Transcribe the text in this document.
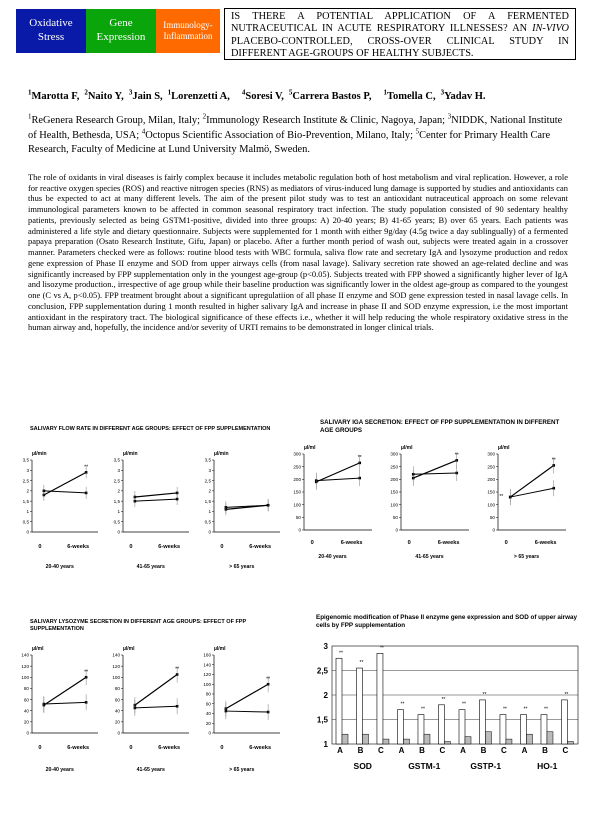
Oxidative
Stress
Gene
Expression
Immunology-
Inflammation
IS THERE A POTENTIAL APPLICATION OF A FERMENTED NUTRACEUTICAL IN ACUTE RESPIRATORY ILLNESSES? AN IN-VIVO PLACEBO-CONTROLLED, CROSS-OVER CLINICAL STUDY IN DIFFERENT AGE-GROUPS OF HEALTHY SUBJECTS.
$^1$Marotta F, $^2$Naito Y, $^3$Jain S, $^1$Lorenzetti A, $^4$Soresi V, $^5$Carrera Bastos P, $^1$Tomella C, $^3$Yadav H.
$^1$ReGenera Research Group, Milan, Italy; $^2$Immunology Research Institute & Clinic, Nagoya, Japan; $^3$NIDDK, National Institute of Health, Bethesda, USA; $^4$Octopus Scientific Association of Bio-Prevention, Milano, Italy; $^5$Center for Primary Health Care Research, Faculty of Medicine at Lund University Malmö, Sweden.
The role of oxidants in viral diseases is fairly complex because it includes metabolic regulation both of host metabolism and viral replication. However, a role for reactive oxygen species (ROS) and reactive nitrogen species (RNS) as mediators of virus-induced lung damage is supported by studies and antioxidants can thus be expected to act at many different levels. The aim of the present pilot study was to test an antioxidant nutraceutical approach on some relevant immunological parameters known to be affected in common seasonal respiratory tract infection. The study population consisted of 90 sedentary healthy patients, previously selected as being GSTM1-positive, divided into three groups: A) 20-40 years; B) 41-65 years; B) over 65 years. Each patients was administered a life style and dietary questionnaire. Subjects were supplemented for 1 month with either 9g/day (4.5g twice a day sublingually) of a fermented papaya preparation (Osato Research Institute, Gifu, Japan) or placebo. After a further month period of wash out, subjects were treated again in a crossover manner. Parameters checked were as follows: routine blood tests with WBC formula, saliva flow rate and secretary IgA and lysozyme production and redox gene expression of Phase II enzyme and SOD from upper airways cells (from nasal lavage). Salivary secretion rate showed an age-related decline and was significantly increased by FPP supplementation only in the youngest age-group (p<0.05). Subjects treated with FPP showed a significantly higher lever of IgA and lisozyme production., irrespective of age group while their baseline production was significantly lower in the oldest age-group as compared to the youngest one (C vs A, p<0.05). FPP treatment brought about a significant upregulatiion of all phase II enzyme and SOD gene expression tested in nasal lavage cells. In conclusion, FPP supplementation during 1 month resulted in higher salivary IgA and increase in phase II and SOD enzyme expression, i.e the most important antioxidant in the respiratory tract. The biological significance of these effects i.e., whether it will help reducing the whole respiratory oxidative stress in the human airway and, hopefully, the incidence and/or severity of URTI remains to be demonstrated in longer clinical trials.
SALIVARY FLOW RATE IN DIFFERENT AGE GROUPS: EFFECT OF FPP SUPPLEMENTATION
SALIVARY IGA SECRETION: EFFECT OF FPP SUPPLEMENTATION IN DIFFERENT AGE GROUPS
SALIVARY LYSOZYME SECRETION IN DIFFERENT AGE GROUPS: EFFECT OF FPP SUPPLEMENTATION
Epigenomic modification of Phase II enzyme gene expression and SOD of upper airway cells by FPP supplementation
µl/min
0
0,5
1
1,5
2
2,5
3
3,5
**
0	6-weeks
20-40 years
µl/min
0
0,5
1
1,5
2
2,5
3
3,5
0	6-weeks
41-65 years
µl/min
0
0,5
1
1,5
2
2,5
3
3,5
0	6-weeks
> 65 years
µl/ml
0
50
100
150
200
250
300
**
0	6-weeks
20-40 years
µl/ml
0
50
100
150
200
250
300	**
0	6-weeks
41-65 years
µl/ml
0
50
100
150
200
250
300
**
**
0	6-weeks
> 65 years
µl/ml
0
20
40
60
80
100
120
140
**
0	6-weeks
20-40 years
µl/ml
0
20
40
60
80
100
120
140
**
0	6-weeks
41-65 years
µl/ml
0
20
40
60
80
100
120
140
160
**
0	6-weeks
> 65 years
1
1,5
2
2,5
3
**
A
**
B
**
C
SOD
**
A
**
B
**
C
GSTM-1
**
A
**
B
**
C
GSTP-1
**
A
**
B
**
C
HO-1
